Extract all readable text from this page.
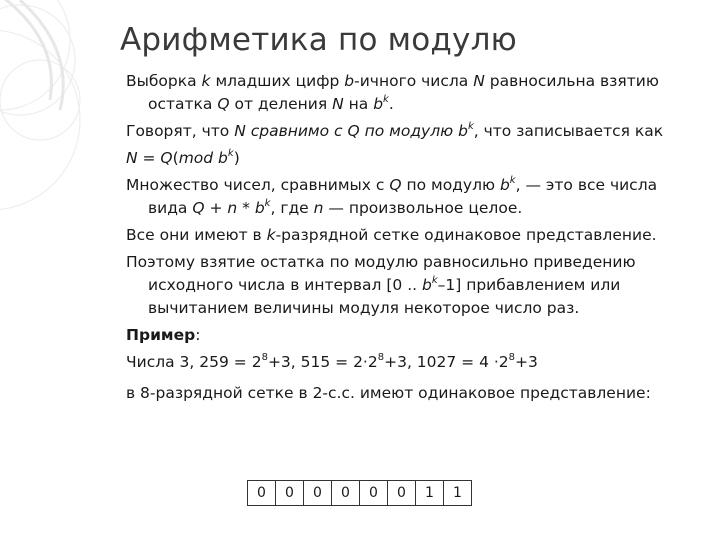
Арифметика по модулю

Выборка k младших цифр b-ичного числа N равносильна взятию остатка Q от деления N на $b^k$.

Говорят, что N сравнимо с Q по модулю $b^k$, что записывается как

N = Q(mod $b^k$)

Множество чисел, сравнимых с Q по модулю $b^k$, — это все числа вида $Q + n * b^k$, где n — произвольное целое.

Все они имеют в k-разрядной сетке одинаковое представление.

Поэтому взятие остатка по модулю равносильно приведению исходного числа в интервал [0 .. $b^k-1$] прибавлением или вычитанием величины модуля некоторое число раз.

Пример:

Числа 3, $259 = 2^8+3$, $515 = 2\cdot 2^8+3$, $1027 = 4 \cdot 2^8+3$

в 8-разрядной сетке в 2-с.с. имеют одинаковое представление:

0	0	0	0	0	0	1	1
